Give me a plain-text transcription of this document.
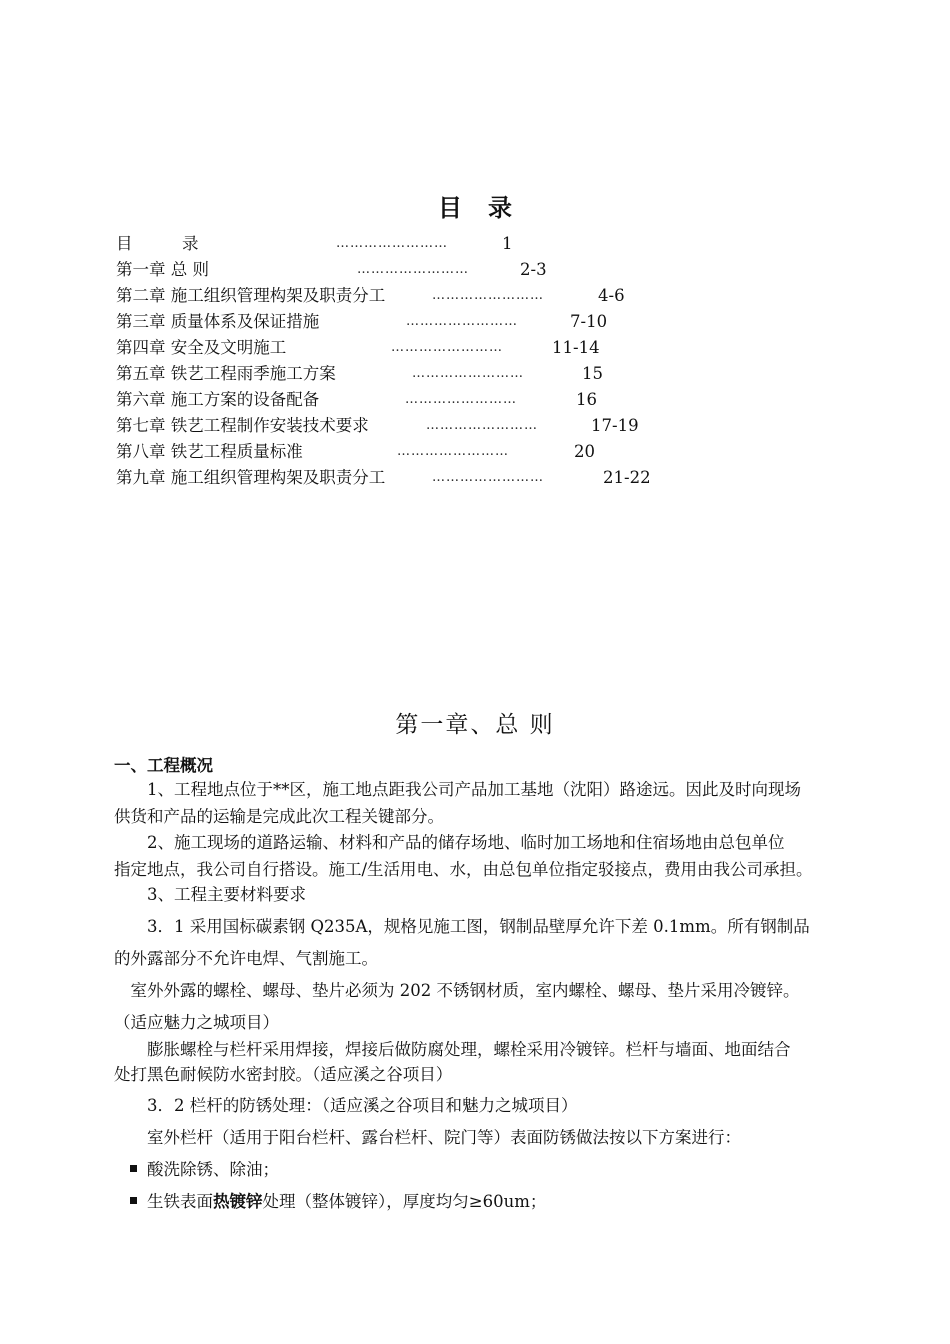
目录
目　　　录	……………………	1
第一章 总 则	……………………	2-3
第二章 施工组织管理构架及职责分工	……………………	4-6
第三章 质量体系及保证措施	……………………	7-10
第四章 安全及文明施工	……………………	11-14
第五章 铁艺工程雨季施工方案	……………………	15
第六章 施工方案的设备配备	……………………	16
第七章 铁艺工程制作安装技术要求	……………………	17-19
第八章 铁艺工程质量标准	……………………	20
第九章 施工组织管理构架及职责分工	……………………	21-22
第一章、总 则
一、工程概况
　　1、工程地点位于**区，施工地点距我公司产品加工基地（沈阳）路途远。因此及时向现场
供货和产品的运输是完成此次工程关键部分。
　　2、施工现场的道路运输、材料和产品的储存场地、临时加工场地和住宿场地由总包单位
指定地点，我公司自行搭设。施工/生活用电、水，由总包单位指定驳接点，费用由我公司承担。
　　3、工程主要材料要求
　　3．1 采用国标碳素钢 Q235A，规格见施工图，钢制品壁厚允许下差 0.1mm。所有钢制品
的外露部分不允许电焊、气割施工。
　室外外露的螺栓、螺母、垫片必须为 202 不锈钢材质，室内螺栓、螺母、垫片采用冷镀锌。
（适应魅力之城项目）
　　膨胀螺栓与栏杆采用焊接，焊接后做防腐处理，螺栓采用冷镀锌。栏杆与墙面、地面结合
处打黑色耐候防水密封胶。（适应溪之谷项目）
　　3．2 栏杆的防锈处理：（适应溪之谷项目和魅力之城项目）
　　室外栏杆（适用于阳台栏杆、露台栏杆、院门等）表面防锈做法按以下方案进行：
酸洗除锈、除油；
生铁表面热镀锌处理（整体镀锌），厚度均匀≥60um；
